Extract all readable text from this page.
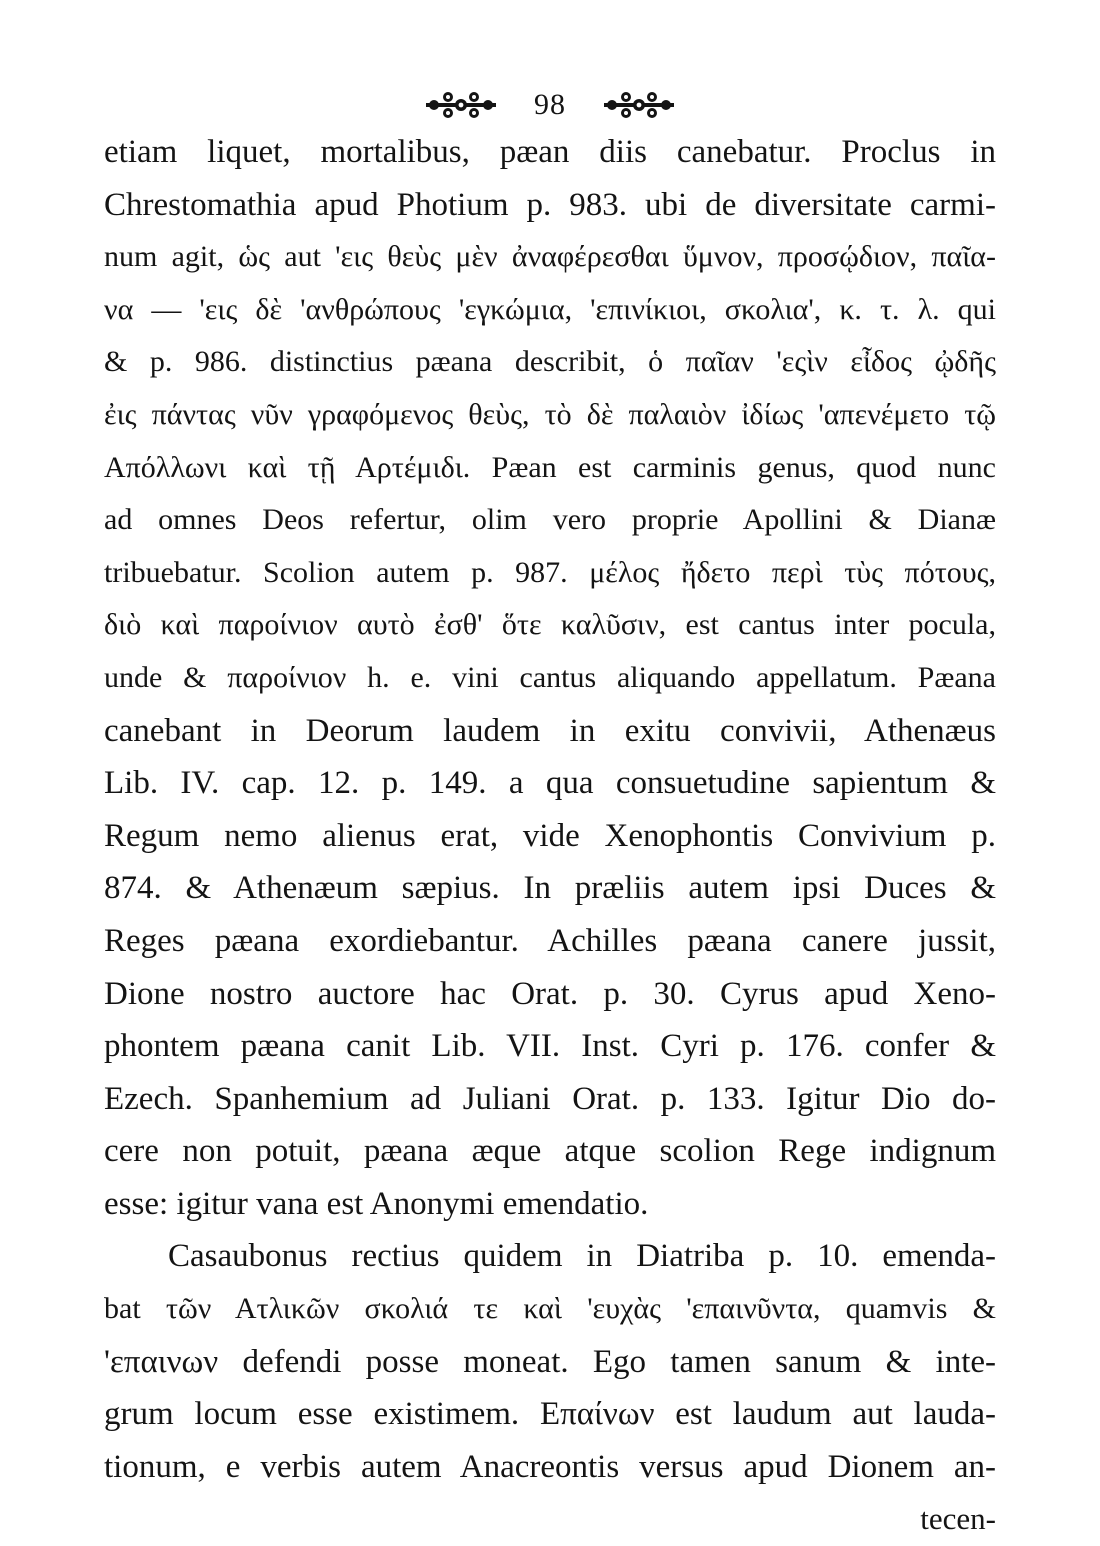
98
etiam liquet, mortalibus, pæan diis canebatur. Proclus in
Chrestomathia apud Photium p. 983. ubi de diversitate carmi-
num agit, ὡς aut 'εις θεὺς μὲν ἀναφέρεσθαι ὕμνον, προσῴδιον, παῖα-
να — 'εις δὲ 'ανθρώπους 'εγκώμια, 'επινίκιοι, σκολια', κ. τ. λ. qui
& p. 986. distinctius pæana describit, ὁ παῖαν 'εςὶν εἶδος ᾠδῆς
ἐις πάντας νῦν γραφόμενος θεὺς, τὸ δὲ παλαιὸν ἰδίως 'απενέμετο τῷ
Απόλλωνι καὶ τῇ Αρτέμιδι. Pæan est carminis genus, quod nunc
ad omnes Deos refertur, olim vero proprie Apollini & Dianæ
tribuebatur. Scolion autem p. 987. μέλος ἤδετο περὶ τὺς πότους,
διὸ καὶ παροίνιον αυτὸ ἐσθ' ὅτε καλῦσιν, est cantus inter pocula,
unde & παροίνιον h. e. vini cantus aliquando appellatum. Pæana
canebant in Deorum laudem in exitu convivii, Athenæus
Lib. IV. cap. 12. p. 149. a qua consuetudine sapientum &
Regum nemo alienus erat, vide Xenophontis Convivium p.
874. & Athenæum sæpius. In præliis autem ipsi Duces &
Reges pæana exordiebantur. Achilles pæana canere jussit,
Dione nostro auctore hac Orat. p. 30. Cyrus apud Xeno-
phontem pæana canit Lib. VII. Inst. Cyri p. 176. confer &
Ezech. Spanhemium ad Juliani Orat. p. 133. Igitur Dio do-
cere non potuit, pæana æque atque scolion Rege indignum
esse: igitur vana est Anonymi emendatio.
Casaubonus rectius quidem in Diatriba p. 10. emenda-
bat τῶν Ατλικῶν σκολιά τε καὶ 'ευχὰς 'επαινῦντα, quamvis &
'επαινων defendi posse moneat. Ego tamen sanum & inte-
grum locum esse existimem. Επαίνων est laudum aut lauda-
tionum, e verbis autem Anacreontis versus apud Dionem an-
tecen-
